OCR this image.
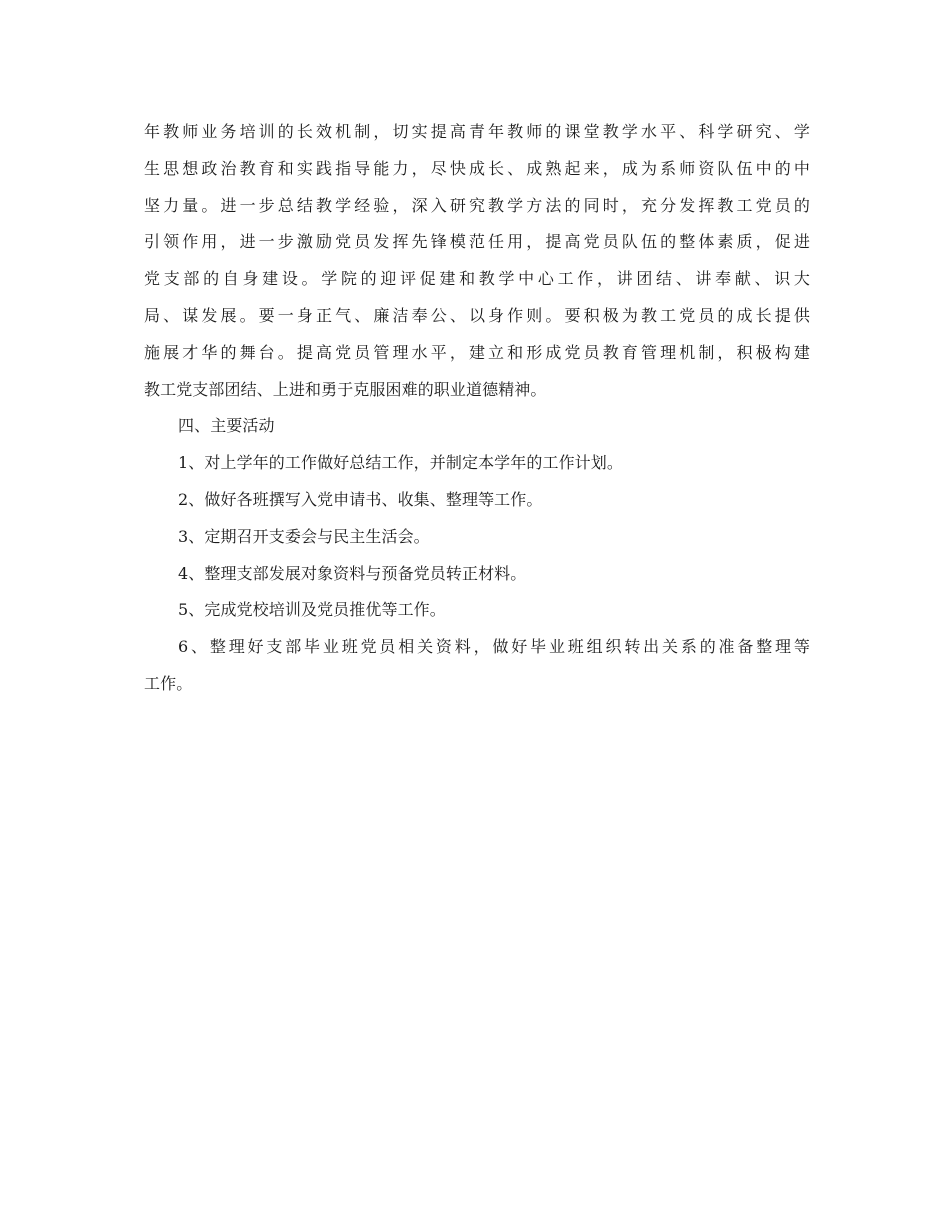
年教师业务培训的长效机制，切实提高青年教师的课堂教学水平、科学研究、学
生思想政治教育和实践指导能力，尽快成长、成熟起来，成为系师资队伍中的中
坚力量。进一步总结教学经验，深入研究教学方法的同时，充分发挥教工党员的
引领作用，进一步激励党员发挥先锋模范任用，提高党员队伍的整体素质，促进
党支部的自身建设。学院的迎评促建和教学中心工作，讲团结、讲奉献、识大
局、谋发展。要一身正气、廉洁奉公、以身作则。要积极为教工党员的成长提供
施展才华的舞台。提高党员管理水平，建立和形成党员教育管理机制，积极构建
教工党支部团结、上进和勇于克服困难的职业道德精神。
四、主要活动
1、对上学年的工作做好总结工作，并制定本学年的工作计划。
2、做好各班撰写入党申请书、收集、整理等工作。
3、定期召开支委会与民主生活会。
4、整理支部发展对象资料与预备党员转正材料。
5、完成党校培训及党员推优等工作。
6、整理好支部毕业班党员相关资料，做好毕业班组织转出关系的准备整理等
工作。
